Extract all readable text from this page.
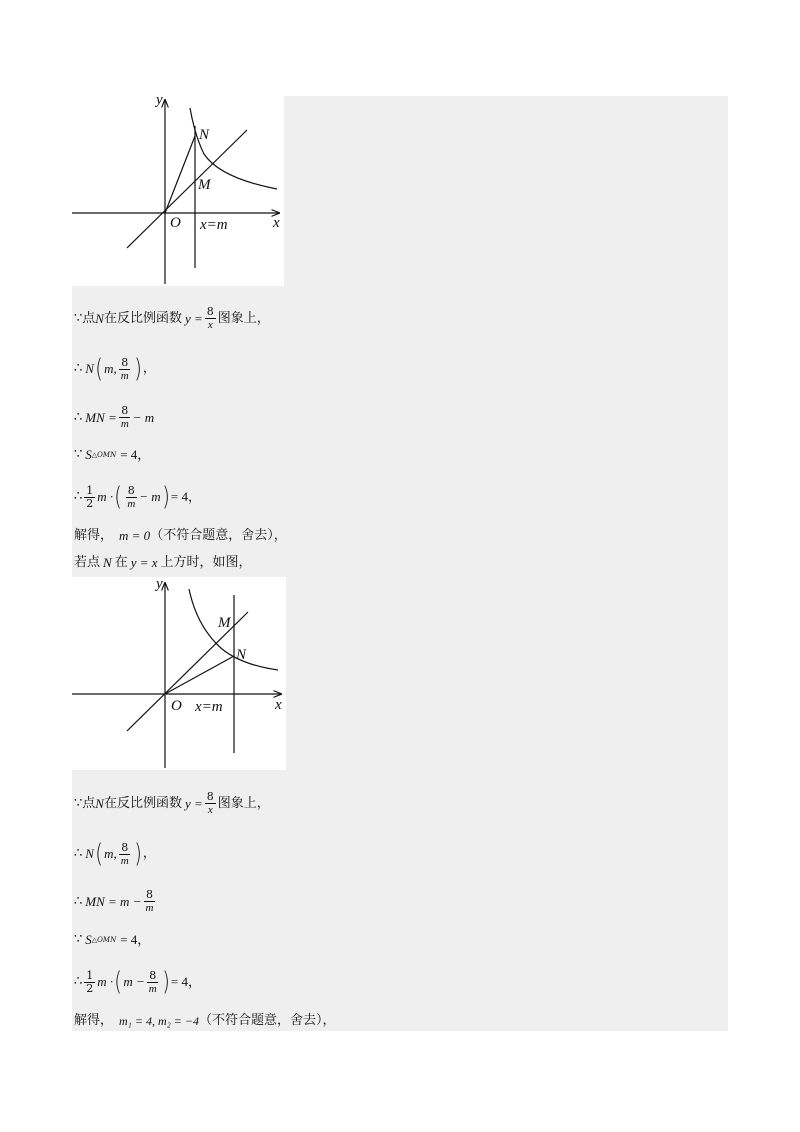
y
x
O
N
M
x=m
∵ 点 N 在反比例函数 $y = \frac{8}{x}$ 图象上，
∴ N ( m, $\frac{8}{m}$ ) ，
∴ MN = $\frac{8}{m} - m$
∵ S △OMN = 4，
∴ $\frac{1}{2}$ m · ( $\frac{8}{m} - m$ ) = 4，
解得， m = 0 （不符合题意，舍去），
若点 N 在 y = x 上方时，如图，
y
x
O
M
N
x=m
∵ 点 N 在反比例函数 $y = \frac{8}{x}$ 图象上，
∴ N ( m, $\frac{8}{m}$ ) ，
∴ MN = $m - \frac{8}{m}$
∵ S △OMN = 4，
∴ $\frac{1}{2}$ m · ( $m - \frac{8}{m}$ ) = 4，
解得， m₁ = 4, m₂ = −4 （不符合题意，舍去），
